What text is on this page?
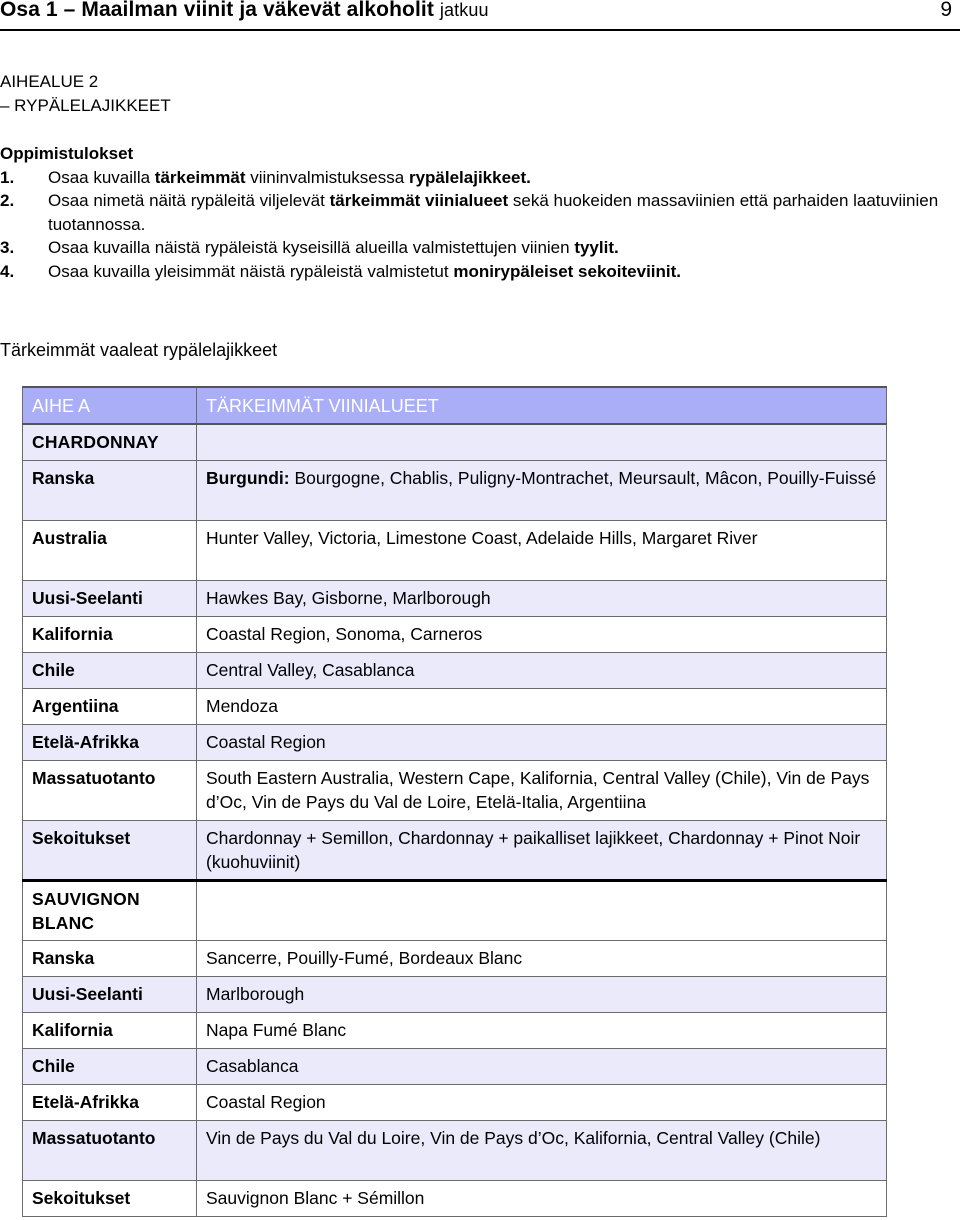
Osa 1 – Maailman viinit ja väkevät alkoholit jatkuu	9
AIHEALUE 2
– RYPÄLELAJIKKEET
Oppimistulokset
1. Osaa kuvailla tärkeimmät viininvalmistuksessa rypälelajikkeet.
2. Osaa nimetä näitä rypäleitä viljelevät tärkeimmät viinialueet sekä huokeiden massaviinien että parhaiden laatuviinien tuotannossa.
3. Osaa kuvailla näistä rypäleistä kyseisillä alueilla valmistettujen viinien tyylit.
4. Osaa kuvailla yleisimmät näistä rypäleistä valmistetut monirypäleiset sekoiteviinit.
Tärkeimmät vaaleat rypälelajikkeet
AIHE A	TÄRKEIMMÄT VIINIALUEET
CHARDONNAY	
Ranska	Burgundi: Bourgogne, Chablis, Puligny-Montrachet, Meursault, Mâcon, Pouilly-Fuissé
Australia	Hunter Valley, Victoria, Limestone Coast, Adelaide Hills, Margaret River
Uusi-Seelanti	Hawkes Bay, Gisborne, Marlborough
Kalifornia	Coastal Region, Sonoma, Carneros
Chile	Central Valley, Casablanca
Argentiina	Mendoza
Etelä-Afrikka	Coastal Region
Massatuotanto	South Eastern Australia, Western Cape, Kalifornia, Central Valley (Chile), Vin de Pays d’Oc, Vin de Pays du Val de Loire, Etelä-Italia, Argentiina
Sekoitukset	Chardonnay + Semillon, Chardonnay + paikalliset lajikkeet, Chardonnay + Pinot Noir (kuohuviinit)
SAUVIGNON BLANC	
Ranska	Sancerre, Pouilly-Fumé, Bordeaux Blanc
Uusi-Seelanti	Marlborough
Kalifornia	Napa Fumé Blanc
Chile	Casablanca
Etelä-Afrikka	Coastal Region
Massatuotanto	Vin de Pays du Val du Loire, Vin de Pays d’Oc, Kalifornia, Central Valley (Chile)
Sekoitukset	Sauvignon Blanc + Sémillon
